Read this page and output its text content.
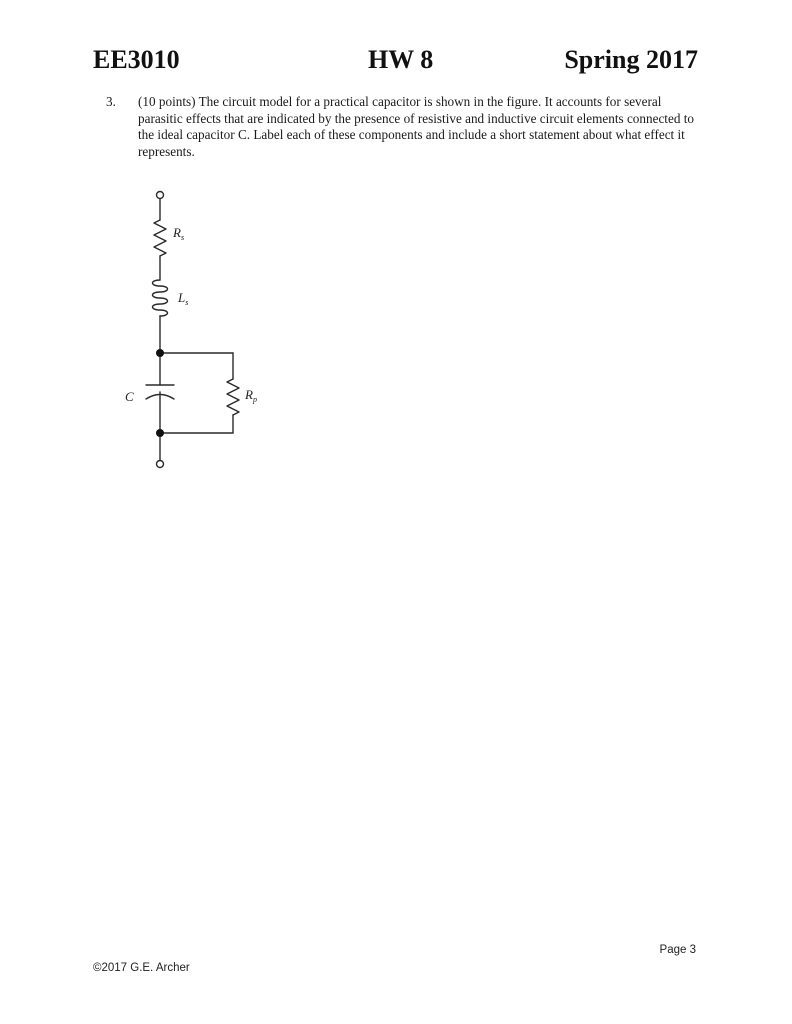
EE3010	HW 8	Spring 2017
3.	(10 points) The circuit model for a practical capacitor is shown in the figure. It accounts for several parasitic effects that are indicated by the presence of resistive and inductive circuit elements connected to the ideal capacitor C. Label each of these components and include a short statement about what effect it represents.

$R_s$
$L_s$
C	$R_p$
Page 3
©2017 G.E. Archer
